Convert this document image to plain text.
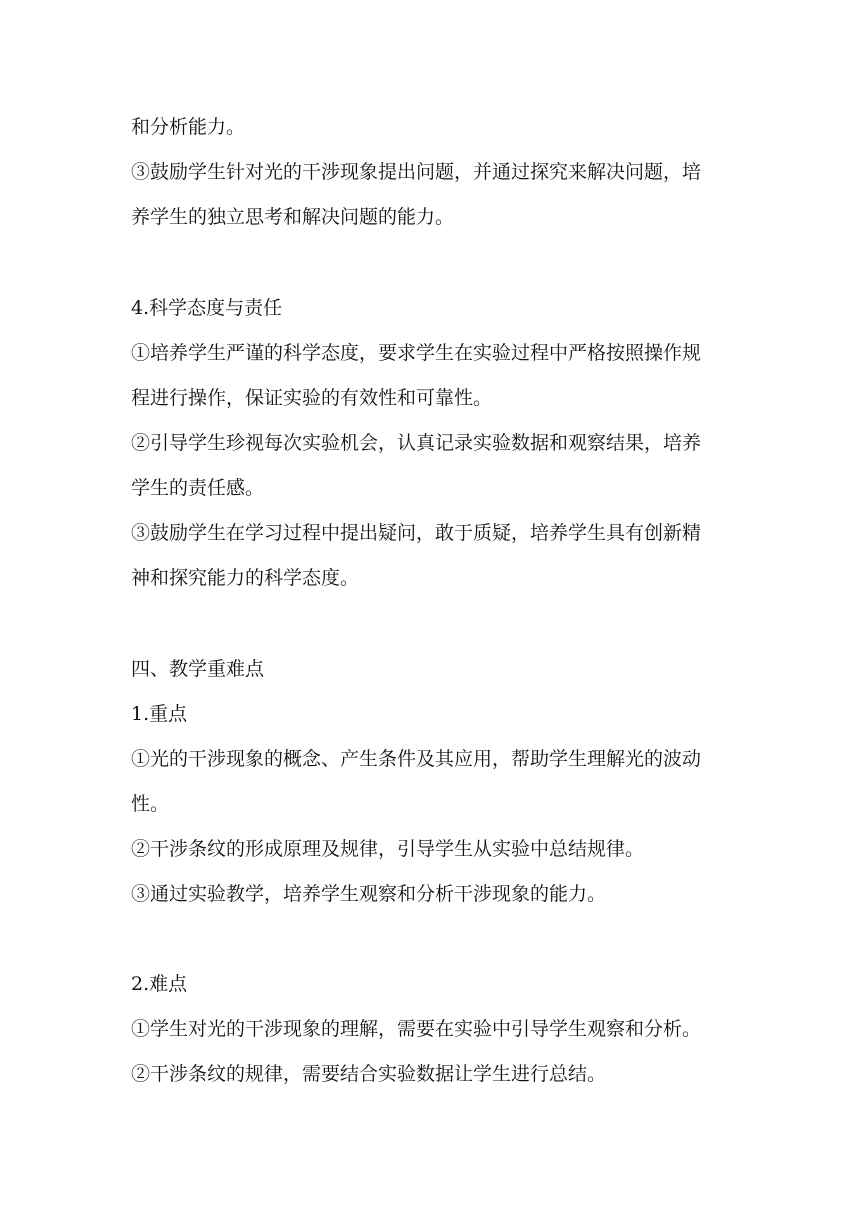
和分析能力。
③鼓励学生针对光的干涉现象提出问题，并通过探究来解决问题，培
养学生的独立思考和解决问题的能力。
4.科学态度与责任
①培养学生严谨的科学态度，要求学生在实验过程中严格按照操作规
程进行操作，保证实验的有效性和可靠性。
②引导学生珍视每次实验机会，认真记录实验数据和观察结果，培养
学生的责任感。
③鼓励学生在学习过程中提出疑问，敢于质疑，培养学生具有创新精
神和探究能力的科学态度。
四、教学重难点
1.重点
①光的干涉现象的概念、产生条件及其应用，帮助学生理解光的波动
性。
②干涉条纹的形成原理及规律，引导学生从实验中总结规律。
③通过实验教学，培养学生观察和分析干涉现象的能力。
2.难点
①学生对光的干涉现象的理解，需要在实验中引导学生观察和分析。
②干涉条纹的规律，需要结合实验数据让学生进行总结。
